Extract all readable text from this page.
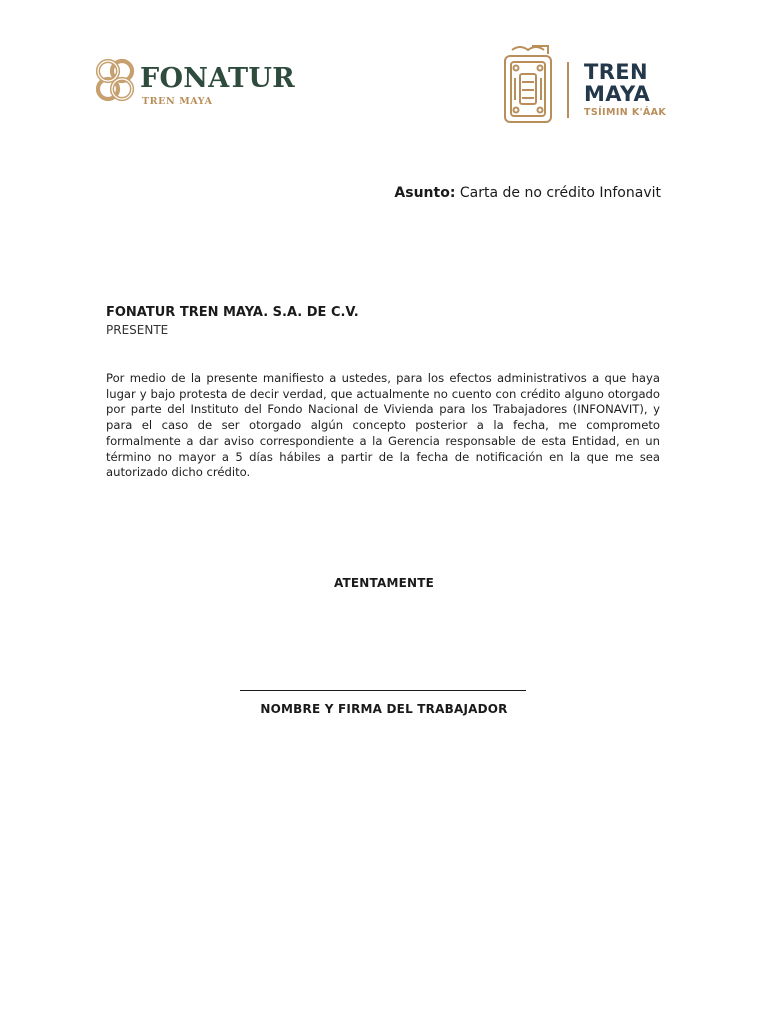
FONATUR
TREN MAYA
TREN
MAYA
TSÍIMIN K'ÁAK
Asunto: Carta de no crédito Infonavit
FONATUR TREN MAYA. S.A. DE C.V.
PRESENTE
Por medio de la presente manifiesto a ustedes, para los efectos administrativos a que haya lugar y bajo protesta de decir verdad, que actualmente no cuento con crédito alguno otorgado por parte del Instituto del Fondo Nacional de Vivienda para los Trabajadores (INFONAVIT), y para el caso de ser otorgado algún concepto posterior a la fecha, me comprometo formalmente a dar aviso correspondiente a la Gerencia responsable de esta Entidad, en un término no mayor a 5 días hábiles a partir de la fecha de notificación en la que me sea autorizado dicho crédito.
ATENTAMENTE
NOMBRE Y FIRMA DEL TRABAJADOR
